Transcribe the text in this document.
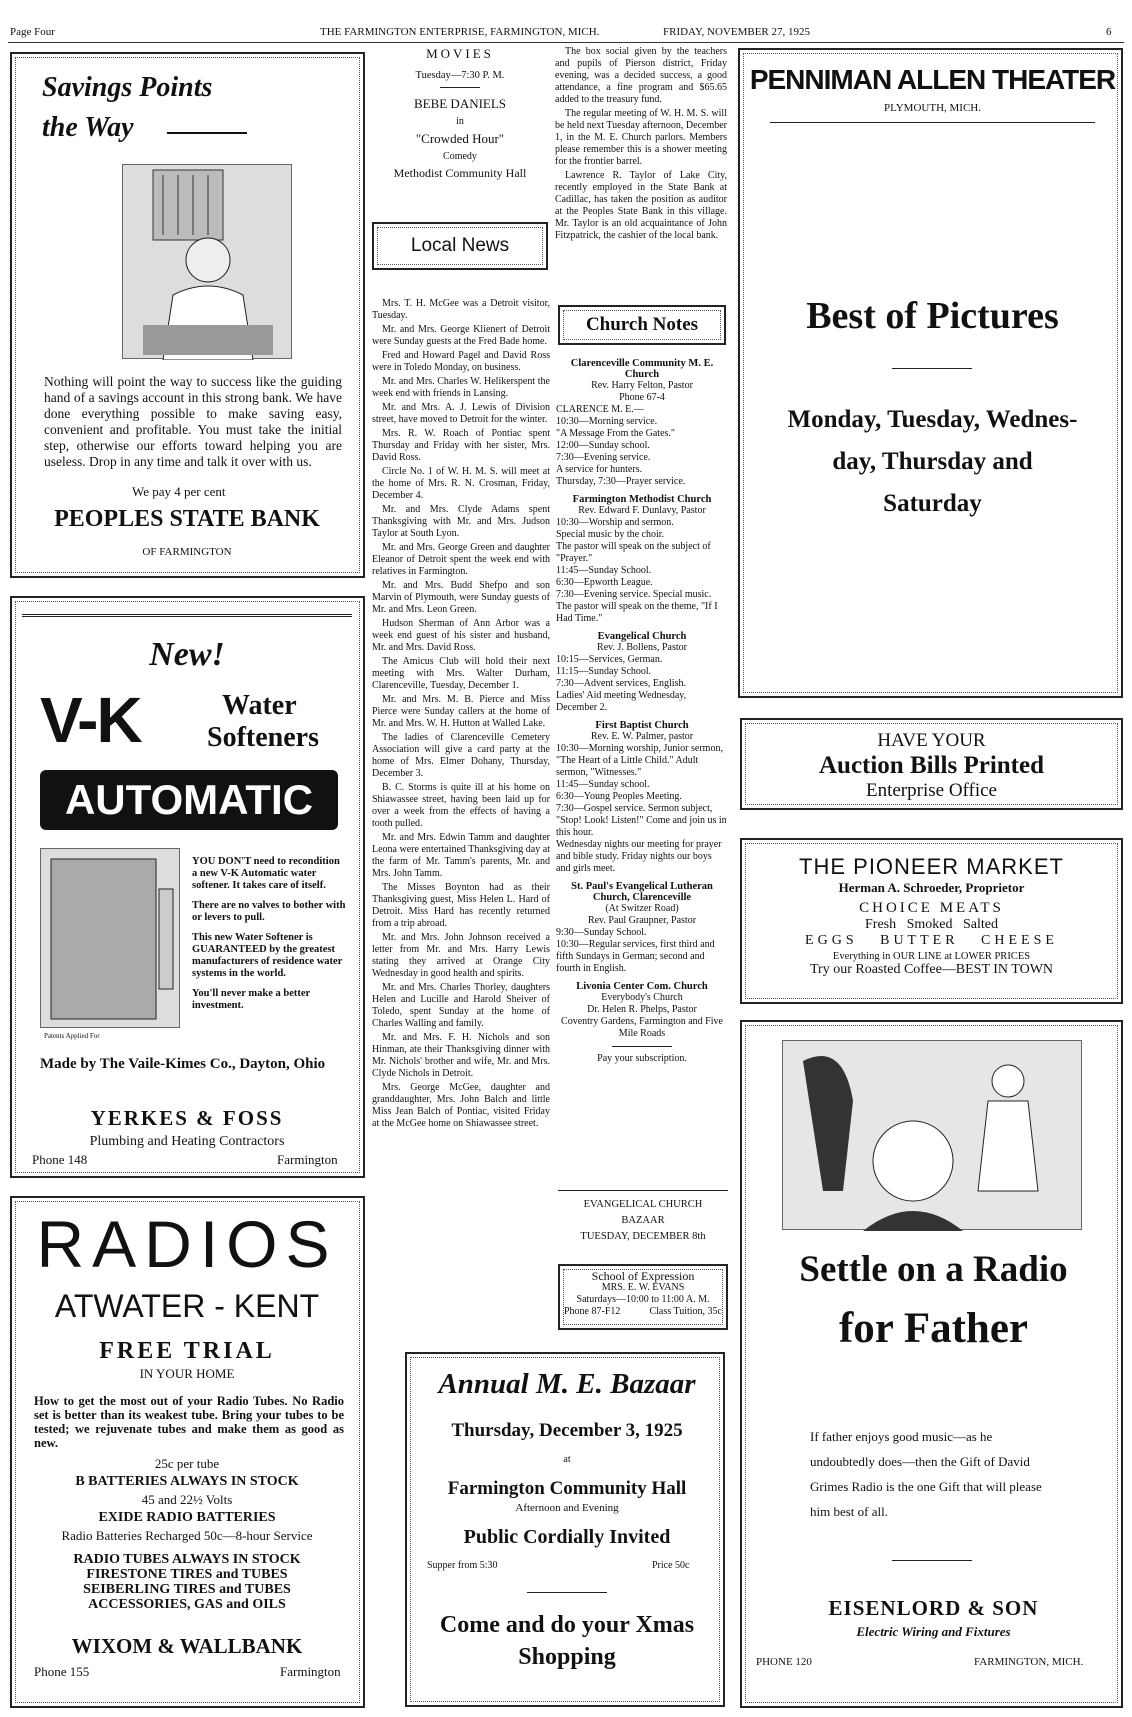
Page Four	THE FARMINGTON ENTERPRISE, FARMINGTON, MICH.	FRIDAY, NOVEMBER 27, 1925	6
Savings Points
the Way
Nothing will point the way to success like the guiding hand of a savings account in this strong bank. We have done everything possible to make saving easy, convenient and profitable. You must take the initial step, otherwise our efforts toward helping you are useless. Drop in any time and talk it over with us.
We pay 4 per cent
PEOPLES STATE BANK
OF FARMINGTON
New!
V-K	Water
Softeners
AUTOMATIC
Patents Applied For

YOU DON'T need to recondition a new V-K Automatic water softener. It takes care of itself.

There are no valves to bother with or levers to pull.

This new Water Softener is GUARANTEED by the greatest manufacturers of residence water systems in the world.

You'll never make a better investment.

Made by The Vaile-Kimes Co., Dayton, Ohio
YERKES & FOSS
Plumbing and Heating Contractors
Phone 148	Farmington
RADIOS
ATWATER - KENT
FREE TRIAL
IN YOUR HOME
How to get the most out of your Radio Tubes. No Radio set is better than its weakest tube. Bring your tubes to be tested; we rejuvenate tubes and make them as good as new.
25c per tube
B BATTERIES ALWAYS IN STOCK
45 and 22½ Volts
EXIDE RADIO BATTERIES
Radio Batteries Recharged 50c—8-hour Service
RADIO TUBES ALWAYS IN STOCK
FIRESTONE TIRES and TUBES
SEIBERLING TIRES and TUBES
ACCESSORIES, GAS and OILS
WIXOM & WALLBANK
Phone 155	Farmington
MOVIES
Tuesday—7:30 P. M.
BEBE DANIELS
in
"Crowded Hour"
Comedy
Methodist Community Hall
Local News

Mrs. T. H. McGee was a Detroit visitor, Tuesday.

Mr. and Mrs. George Klienert of Detroit were Sunday guests at the Fred Bade home.

Fred and Howard Pagel and David Ross were in Toledo Monday, on business.

Mr. and Mrs. Charles W. Helikerspent the week end with friends in Lansing.

Mr. and Mrs. A. J. Lewis of Division street, have moved to Detroit for the winter.

Mrs. R. W. Roach of Pontiac spent Thursday and Friday with her sister, Mrs. David Ross.

Circle No. 1 of W. H. M. S. will meet at the home of Mrs. R. N. Crosman, Friday, December 4.

Mr. and Mrs. Clyde Adams spent Thanksgiving with Mr. and Mrs. Judson Taylor at South Lyon.

Mr. and Mrs. George Green and daughter Eleanor of Detroit spent the week end with relatives in Farmington.

Mr. and Mrs. Budd Shefpo and son Marvin of Plymouth, were Sunday guests of Mr. and Mrs. Leon Green.

Hudson Sherman of Ann Arbor was a week end guest of his sister and husband, Mr. and Mrs. David Ross.

The Amicus Club will hold their next meeting with Mrs. Walter Durham, Clarenceville, Tuesday, December 1.

Mr. and Mrs. M. B. Pierce and Miss Pierce were Sunday callers at the home of Mr. and Mrs. W. H. Hutton at Walled Lake.

The ladies of Clarenceville Cemetery Association will give a card party at the home of Mrs. Elmer Dohany, Thursday, December 3.

B. C. Storms is quite ill at his home on Shiawassee street, having been laid up for over a week from the effects of having a tooth pulled.

Mr. and Mrs. Edwin Tamm and daughter Leona were entertained Thanksgiving day at the farm of Mr. Tamm's parents, Mr. and Mrs. John Tamm.

The Misses Boynton had as their Thanksgiving guest, Miss Helen L. Hard of Detroit. Miss Hard has recently returned from a trip abroad.

Mr. and Mrs. John Johnson received a letter from Mr. and Mrs. Harry Lewis stating they arrived at Orange City Wednesday in good health and spirits.

Mr. and Mrs. Charles Thorley, daughters Helen and Lucille and Harold Sheiver of Toledo, spent Sunday at the home of Charles Walling and family.

Mr. and Mrs. F. H. Nichols and son Hinman, ate their Thanksgiving dinner with Mr. Nichols' brother and wife, Mr. and Mrs. Clyde Nichols in Detroit.

Mrs. George McGee, daughter and granddaughter, Mrs. John Balch and little Miss Jean Balch of Pontiac, visited Friday at the McGee home on Shiawassee street.

The box social given by the teachers and pupils of Pierson district, Friday evening, was a decided success, a good attendance, a fine program and $65.65 added to the treasury fund.

The regular meeting of W. H. M. S. will be held next Tuesday afternoon, December 1, in the M. E. Church parlors. Members please remember this is a shower meeting for the frontier barrel.

Lawrence R. Taylor of Lake City, recently employed in the State Bank at Cadillac, has taken the position as auditor at the Peoples State Bank in this village. Mr. Taylor is an old acquaintance of John Fitzpatrick, the cashier of the local bank.

Church Notes
Clarenceville Community M. E. Church

Rev. Harry Felton, Pastor

Phone 67-4

CLARENCE M. E.—

10:30—Morning service.

"A Message From the Gates."

12:00—Sunday school.

7:30—Evening service.

A service for hunters.

Thursday, 7:30—Prayer service.

Farmington Methodist Church

Rev. Edward F. Dunlavy, Pastor

10:30—Worship and sermon.

Special music by the choir.

The pastor will speak on the subject of "Prayer."

11:45—Sunday School.

6:30—Epworth League.

7:30—Evening service. Special music.

The pastor will speak on the theme, "If I Had Time."

Evangelical Church

Rev. J. Bollens, Pastor

10:15—Services, German.

11:15—Sunday School.

7:30—Advent services, English.

Ladies' Aid meeting Wednesday, December 2.

First Baptist Church

Rev. E. W. Palmer, pastor

10:30—Morning worship, Junior sermon, "The Heart of a Little Child." Adult sermon, "Witnesses."

11:45—Sunday school.

6:30—Young Peoples Meeting.

7:30—Gospel service. Sermon subject, "Stop! Look! Listen!" Come and join us in this hour.

Wednesday nights our meeting for prayer and bible study. Friday nights our boys and girls meet.

St. Paul's Evangelical Lutheran Church, Clarenceville

(At Switzer Road)

Rev. Paul Graupner, Pastor

9:30—Sunday School.

10:30—Regular services, first third and fifth Sundays in German; second and fourth in English.

Livonia Center Com. Church

Everybody's Church

Dr. Helen R. Phelps, Pastor

Coventry Gardens, Farmington and Five Mile Roads

Pay your subscription.

EVANGELICAL CHURCH
BAZAAR
TUESDAY, DECEMBER 8th
School of Expression
MRS. E. W. EVANS
Saturdays—10:00 to 11:00 A. M.
Phone 87-F12	Class Tuition, 35c
Annual M. E. Bazaar
Thursday, December 3, 1925
at
Farmington Community Hall
Afternoon and Evening
Public Cordially Invited
Supper from 5:30	Price 50c
Come and do your Xmas
Shopping
PENNIMAN ALLEN THEATER
PLYMOUTH, MICH.
Best of Pictures
Monday, Tuesday, Wednes-
day, Thursday and
Saturday
HAVE YOUR
Auction Bills Printed
Enterprise Office
THE PIONEER MARKET
Herman A. Schroeder, Proprietor
CHOICE MEATS
Fresh   Smoked   Salted
EGGS   BUTTER   CHEESE
Everything in OUR LINE at LOWER PRICES
Try our Roasted Coffee—BEST IN TOWN
Settle on a Radio
for Father
If father enjoys good music—as he undoubtedly does—then the Gift of David Grimes Radio is the one Gift that will please him best of all.
EISENLORD & SON
Electric Wiring and Fixtures
PHONE 120	FARMINGTON, MICH.
